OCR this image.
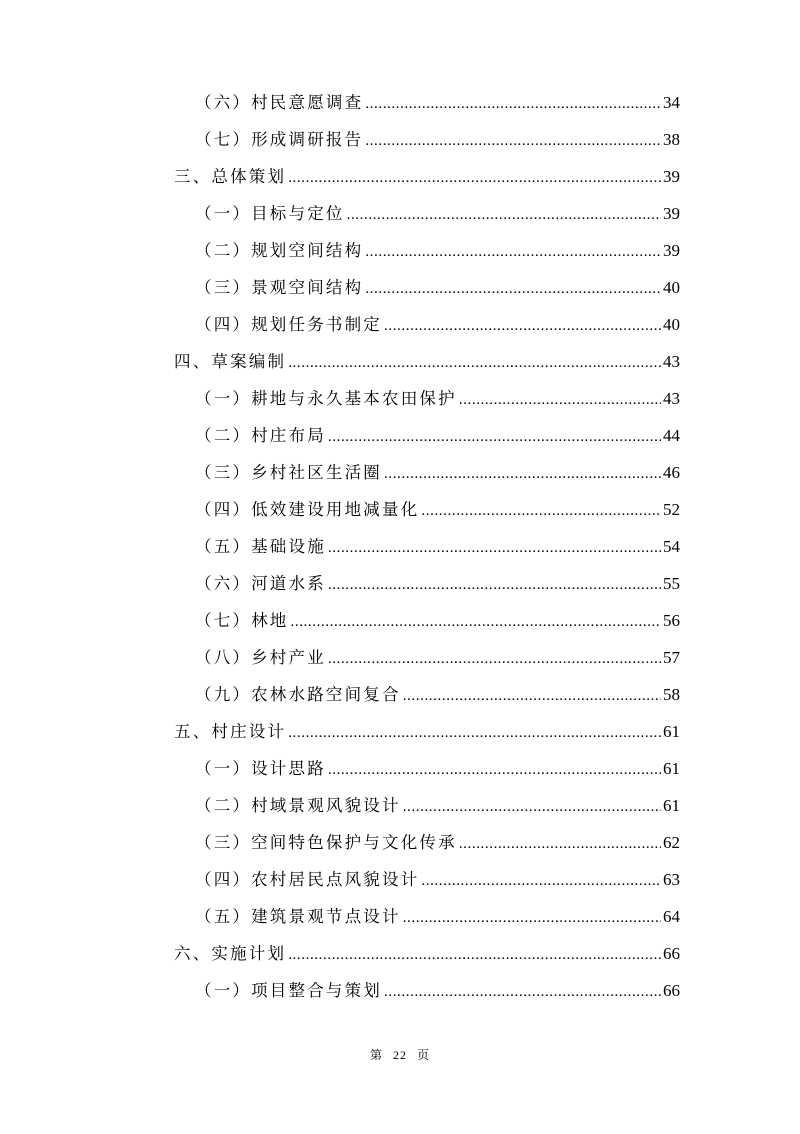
（六）村民意愿调查 .....	34
（七）形成调研报告 .....	38
三、总体策划 .....	39
（一）目标与定位 .....	39
（二）规划空间结构 .....	39
（三）景观空间结构 .....	40
（四）规划任务书制定 .....	40
四、草案编制 .....	43
（一）耕地与永久基本农田保护 .....	43
（二）村庄布局 .....	44
（三）乡村社区生活圈 .....	46
（四）低效建设用地减量化 .....	52
（五）基础设施 .....	54
（六）河道水系 .....	55
（七）林地 .....	56
（八）乡村产业 .....	57
（九）农林水路空间复合 .....	58
五、村庄设计 .....	61
（一）设计思路 .....	61
（二）村域景观风貌设计 .....	61
（三）空间特色保护与文化传承 .....	62
（四）农村居民点风貌设计 .....	63
（五）建筑景观节点设计 .....	64
六、实施计划 .....	66
（一）项目整合与策划 .....	66
第 22 页
